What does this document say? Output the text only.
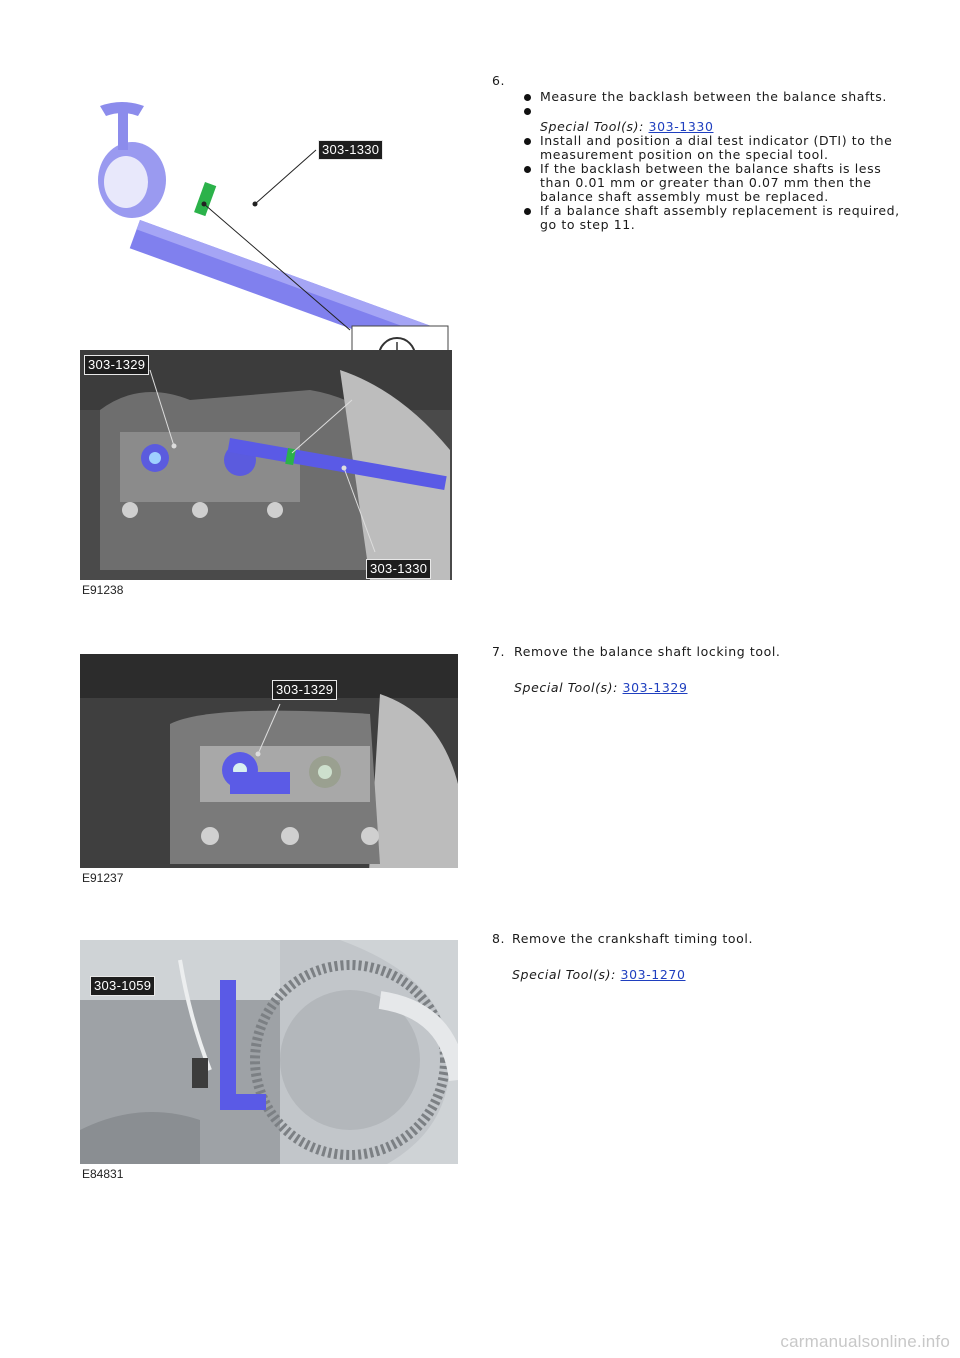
303-1330
303-1329
303-1330
E91238
6.
Measure the backlash between the balance shafts.
Special Tool(s): 303-1330
Install and position a dial test indicator (DTI) to the measurement position on the special tool.
If the backlash between the balance shafts is less than 0.01 mm or greater than 0.07 mm then the balance shaft assembly must be replaced.
If a balance shaft assembly replacement is required, go to step 11.
303-1329
E91237
7. Remove the balance shaft locking tool.
Special Tool(s): 303-1329
303-1059
E84831
8. Remove the crankshaft timing tool.
Special Tool(s): 303-1270
carmanualsonline.info
